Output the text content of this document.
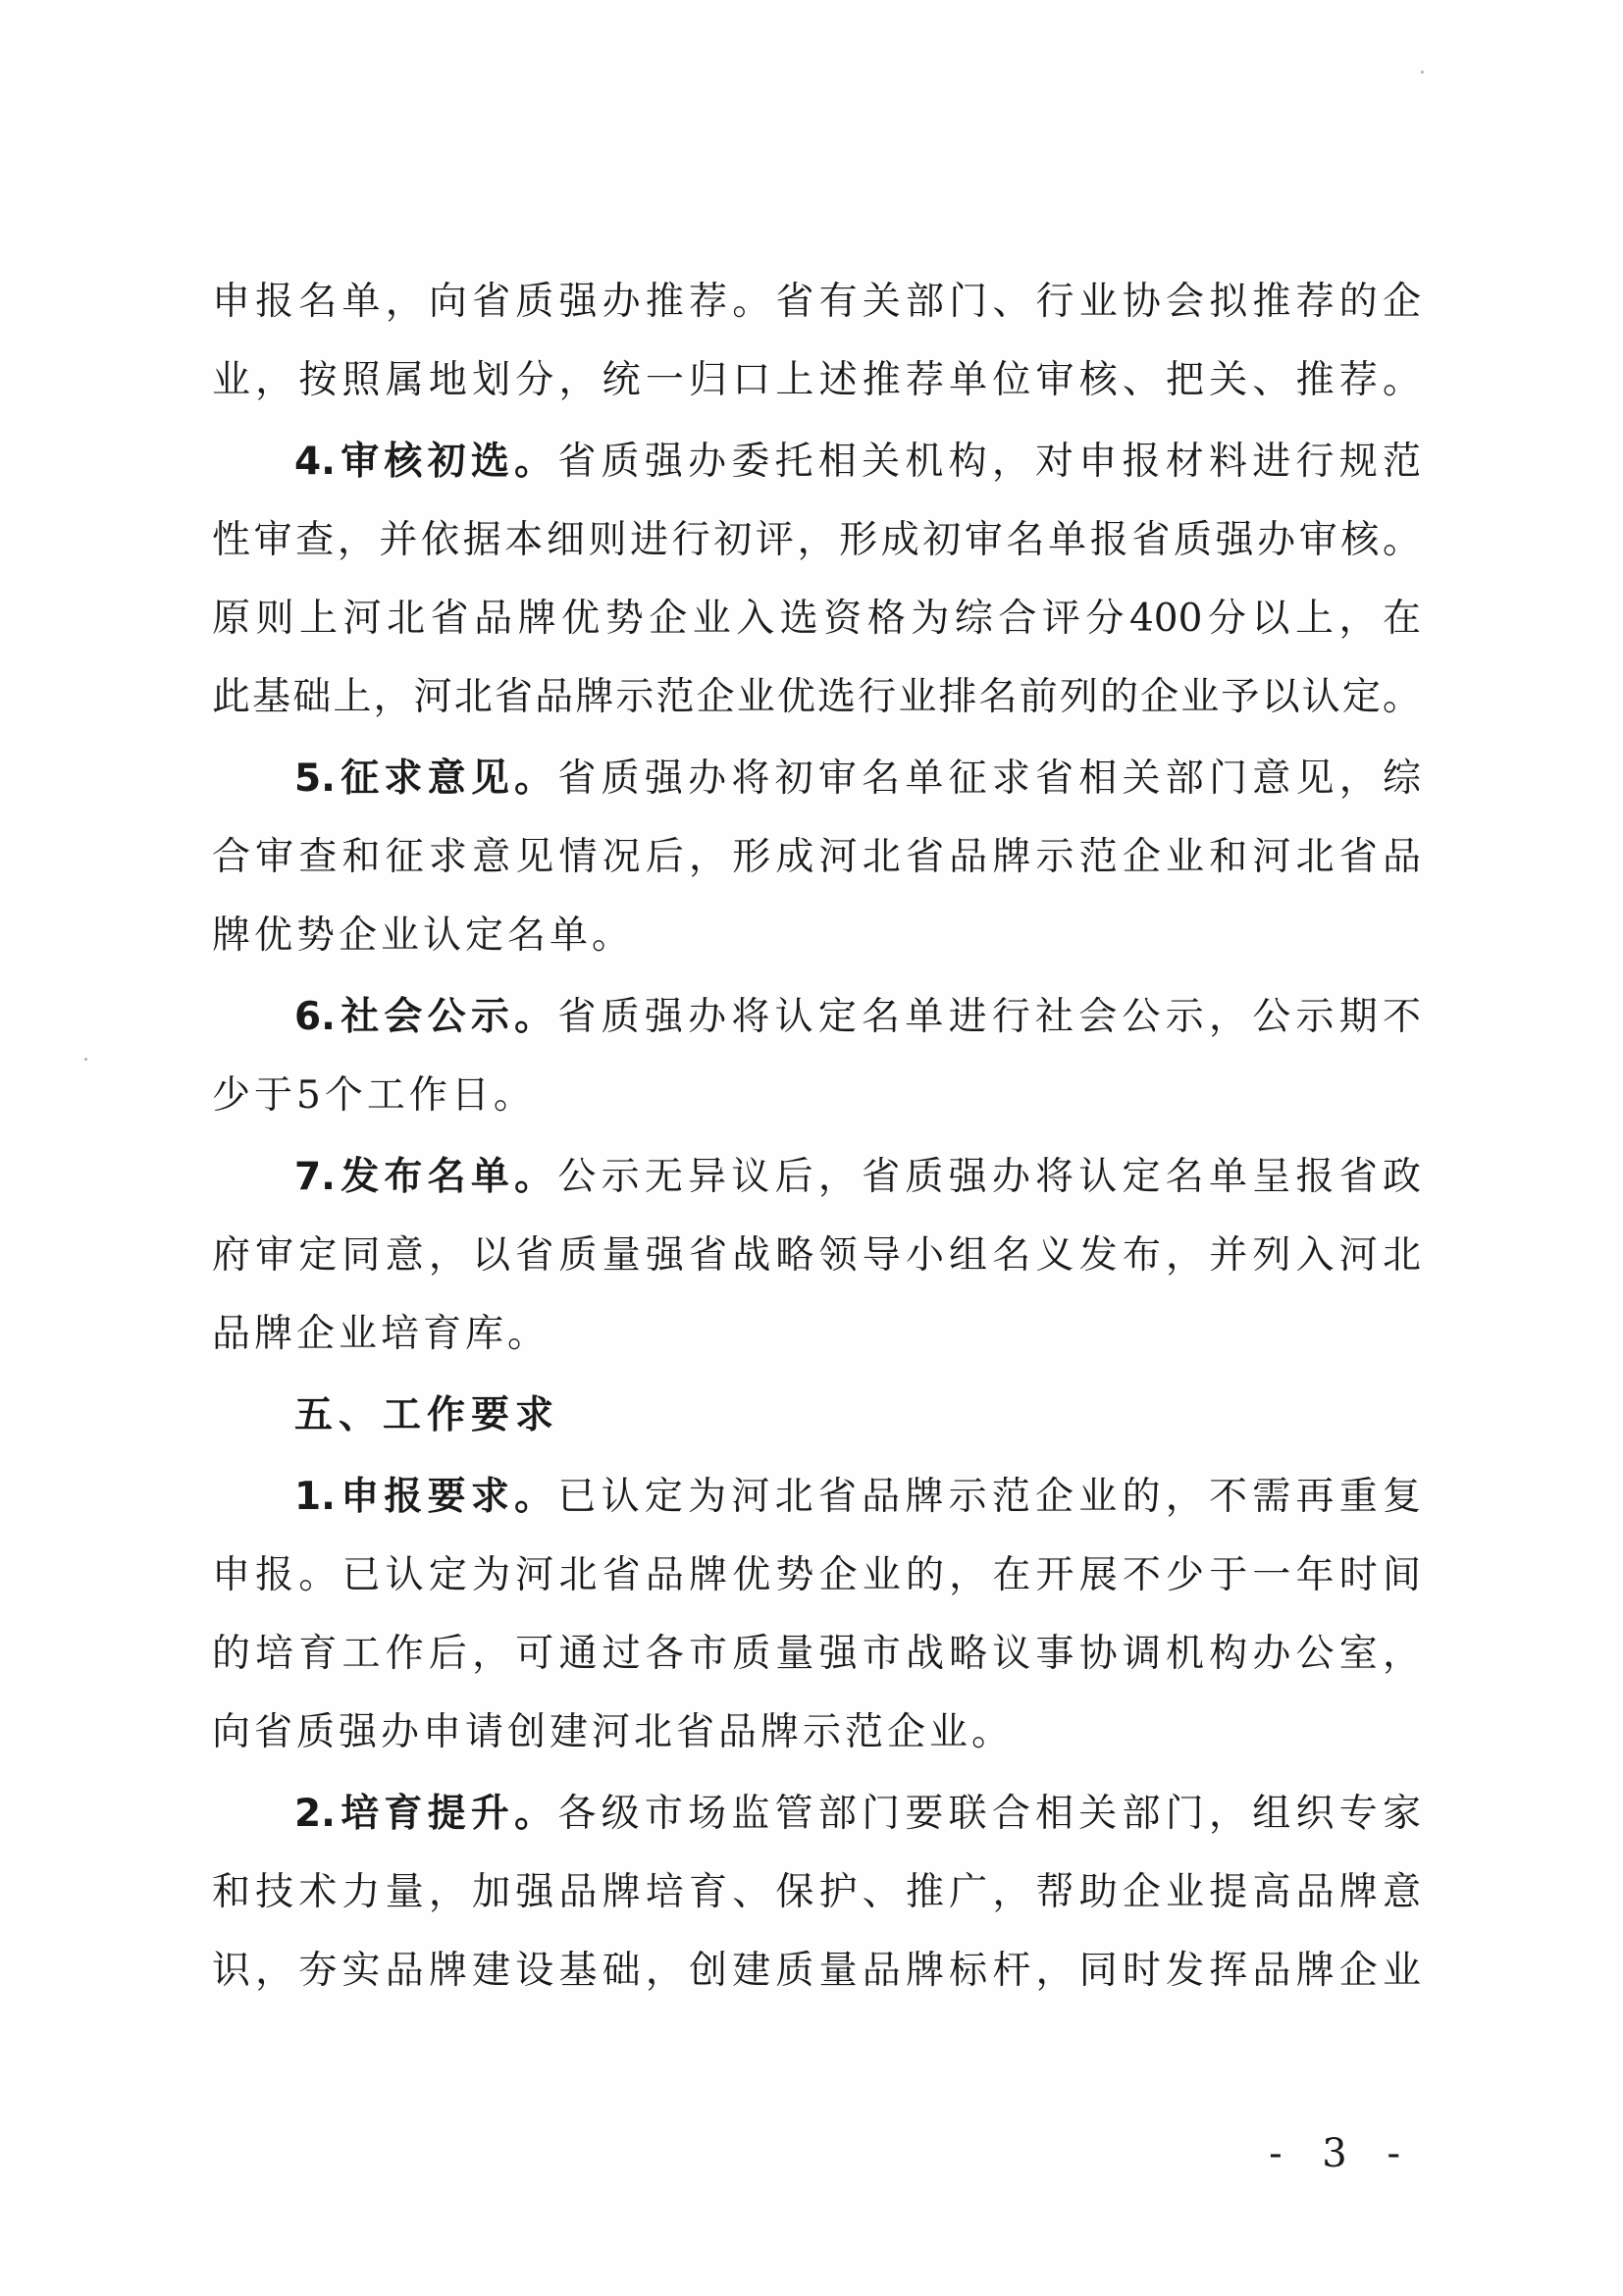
申报名单，向省质强办推荐。省有关部门、行业协会拟推荐的企
业，按照属地划分，统一归口上述推荐单位审核、把关、推荐。
4.审核初选。省质强办委托相关机构，对申报材料进行规范
性审查，并依据本细则进行初评，形成初审名单报省质强办审核。
原则上河北省品牌优势企业入选资格为综合评分400分以上，在
此基础上，河北省品牌示范企业优选行业排名前列的企业予以认定。
5.征求意见。省质强办将初审名单征求省相关部门意见，综
合审查和征求意见情况后，形成河北省品牌示范企业和河北省品
牌优势企业认定名单。
6.社会公示。省质强办将认定名单进行社会公示，公示期不
少于5个工作日。
7.发布名单。公示无异议后，省质强办将认定名单呈报省政
府审定同意，以省质量强省战略领导小组名义发布，并列入河北
品牌企业培育库。
五、工作要求
1.申报要求。已认定为河北省品牌示范企业的，不需再重复
申报。已认定为河北省品牌优势企业的，在开展不少于一年时间
的培育工作后，可通过各市质量强市战略议事协调机构办公室，
向省质强办申请创建河北省品牌示范企业。
2.培育提升。各级市场监管部门要联合相关部门，组织专家
和技术力量，加强品牌培育、保护、推广，帮助企业提高品牌意
识，夯实品牌建设基础，创建质量品牌标杆，同时发挥品牌企业
- 3 -
